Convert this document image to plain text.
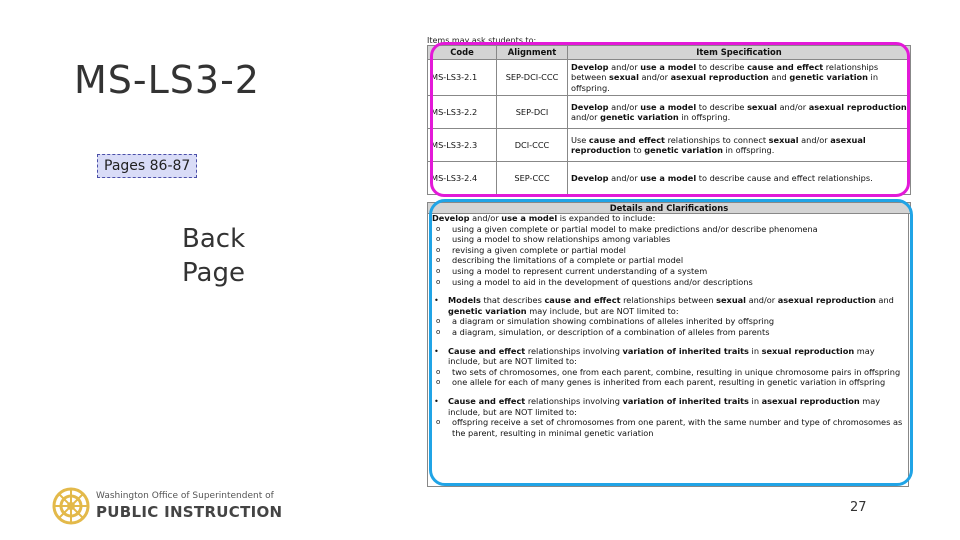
MS-LS3-2
Pages 86-87
Back
Page
Washington Office of Superintendent of
PUBLIC INSTRUCTION	27
Items may ask students to:
Code	Alignment	Item Specification
MS-LS3-2.1	SEP-DCI-CCC	Develop and/or use a model to describe cause and effect relationships between sexual and/or asexual reproduction and genetic variation in offspring.
MS-LS3-2.2	SEP-DCI	Develop and/or use a model to describe sexual and/or asexual reproduction and/or genetic variation in offspring.
MS-LS3-2.3	DCI-CCC	Use cause and effect relationships to connect sexual and/or asexual reproduction to genetic variation in offspring.
MS-LS3-2.4	SEP-CCC	Develop and/or use a model to describe cause and effect relationships.
Details and Clarifications

Develop and/or use a model is expanded to include:

o using a given complete or partial model to make predictions and/or describe phenomena

o using a model to show relationships among variables

o revising a given complete or partial model

o describing the limitations of a complete or partial model

o using a model to represent current understanding of a system

o using a model to aid in the development of questions and/or descriptions

• Models that describes cause and effect relationships between sexual and/or asexual reproduction and genetic variation may include, but are NOT limited to:

o a diagram or simulation showing combinations of alleles inherited by offspring

o a diagram, simulation, or description of a combination of alleles from parents

• Cause and effect relationships involving variation of inherited traits in sexual reproduction may include, but are NOT limited to:

o two sets of chromosomes, one from each parent, combine, resulting in unique chromosome pairs in offspring

o one allele for each of many genes is inherited from each parent, resulting in genetic variation in offspring

• Cause and effect relationships involving variation of inherited traits in asexual reproduction may include, but are NOT limited to:

o offspring receive a set of chromosomes from one parent, with the same number and type of chromosomes as the parent, resulting in minimal genetic variation
